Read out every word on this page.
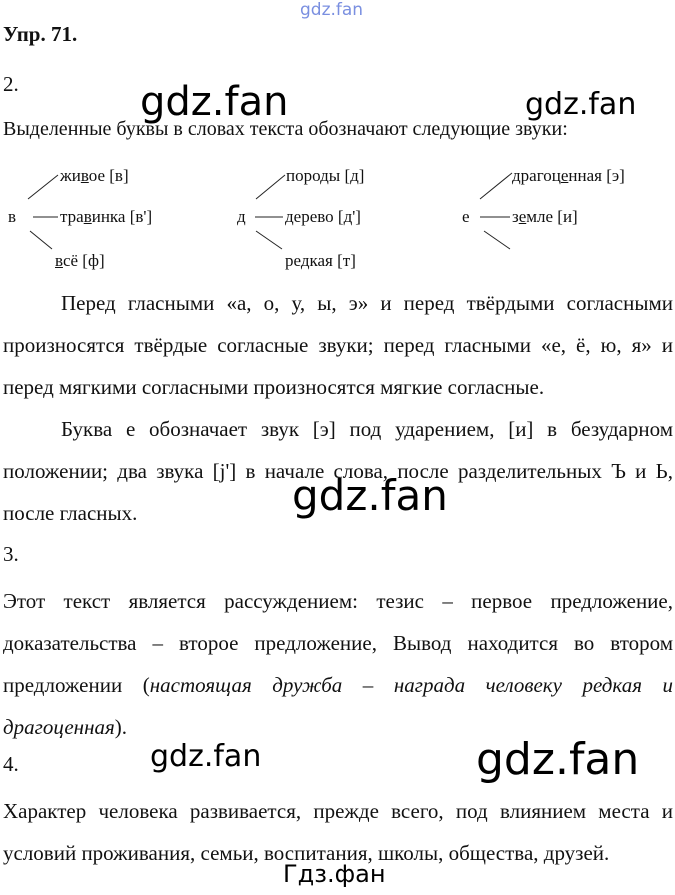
gdz.fan
gdz.fan	gdz.fan
gdz.fan
gdz.fan	gdz.fan
Гдз.фан
Упр. 71.
2.
Выделенные буквы в словах текста обозначают следующие звуки:
в
живое [в]
травинка [в']
всё [ф]
д
породы [д]
дерево [д']
редкая [т]
е
драгоценная [э]
земле [и]
Перед гласными «а, о, у, ы, э» и перед твёрдыми согласными
произносятся твёрдые согласные звуки; перед гласными «е, ё, ю, я» и
перед мягкими согласными произносятся мягкие согласные.
Буква е обозначает звук [э] под ударением, [и] в безударном
положении; два звука [j'] в начале слова, после разделительных Ъ и Ь,
после гласных.
3.
Этот текст является рассуждением: тезис – первое предложение,
доказательства – второе предложение, Вывод находится во втором
предложении (настоящая дружба – награда человеку редкая и
драгоценная).
4.
Характер человека развивается, прежде всего, под влиянием места и
условий проживания, семьи, воспитания, школы, общества, друзей.
